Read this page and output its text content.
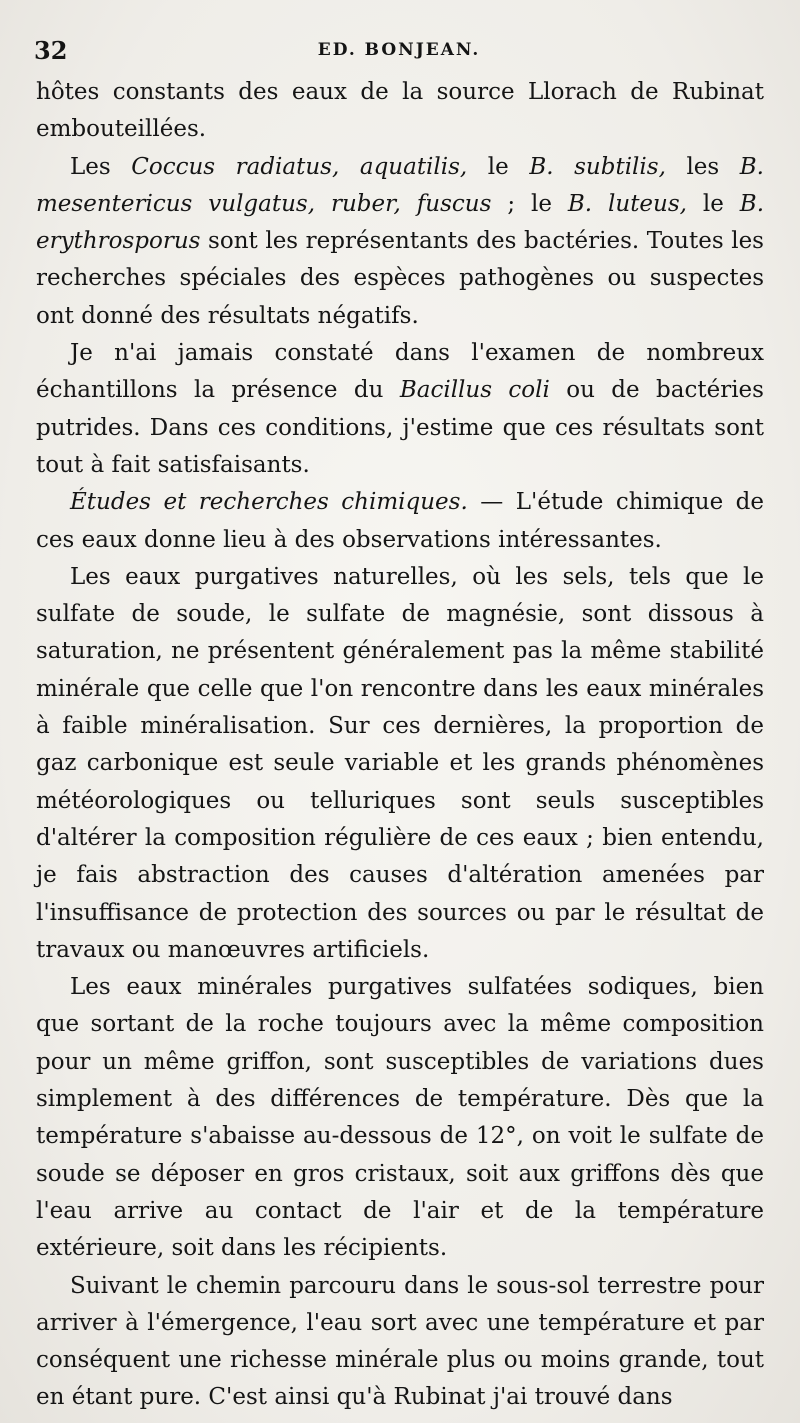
32	ED. BONJEAN.

hôtes constants des eaux de la source Llorach de Rubinat embouteillées.

Les Coccus radiatus, aquatilis, le B. subtilis, les B. mesentericus vulgatus, ruber, fuscus ; le B. luteus, le B. erythrosporus sont les représentants des bactéries. Toutes les recherches spéciales des espèces pathogènes ou suspectes ont donné des résultats négatifs.

Je n'ai jamais constaté dans l'examen de nombreux échantillons la présence du Bacillus coli ou de bactéries putrides. Dans ces conditions, j'estime que ces résultats sont tout à fait satisfaisants.

Études et recherches chimiques. — L'étude chimique de ces eaux donne lieu à des observations intéressantes.

Les eaux purgatives naturelles, où les sels, tels que le sulfate de soude, le sulfate de magnésie, sont dissous à saturation, ne présentent généralement pas la même stabilité minérale que celle que l'on rencontre dans les eaux minérales à faible minéralisation. Sur ces dernières, la proportion de gaz carbonique est seule variable et les grands phénomènes météorologiques ou telluriques sont seuls susceptibles d'altérer la composition régulière de ces eaux ; bien entendu, je fais abstraction des causes d'altération amenées par l'insuffisance de protection des sources ou par le résultat de travaux ou manœuvres artificiels.

Les eaux minérales purgatives sulfatées sodiques, bien que sortant de la roche toujours avec la même composition pour un même griffon, sont susceptibles de variations dues simplement à des différences de température. Dès que la température s'abaisse au-dessous de 12°, on voit le sulfate de soude se déposer en gros cristaux, soit aux griffons dès que l'eau arrive au contact de l'air et de la température extérieure, soit dans les récipients.

Suivant le chemin parcouru dans le sous-sol terrestre pour arriver à l'émergence, l'eau sort avec une température et par conséquent une richesse minérale plus ou moins grande, tout en étant pure. C'est ainsi qu'à Rubinat j'ai trouvé dans
